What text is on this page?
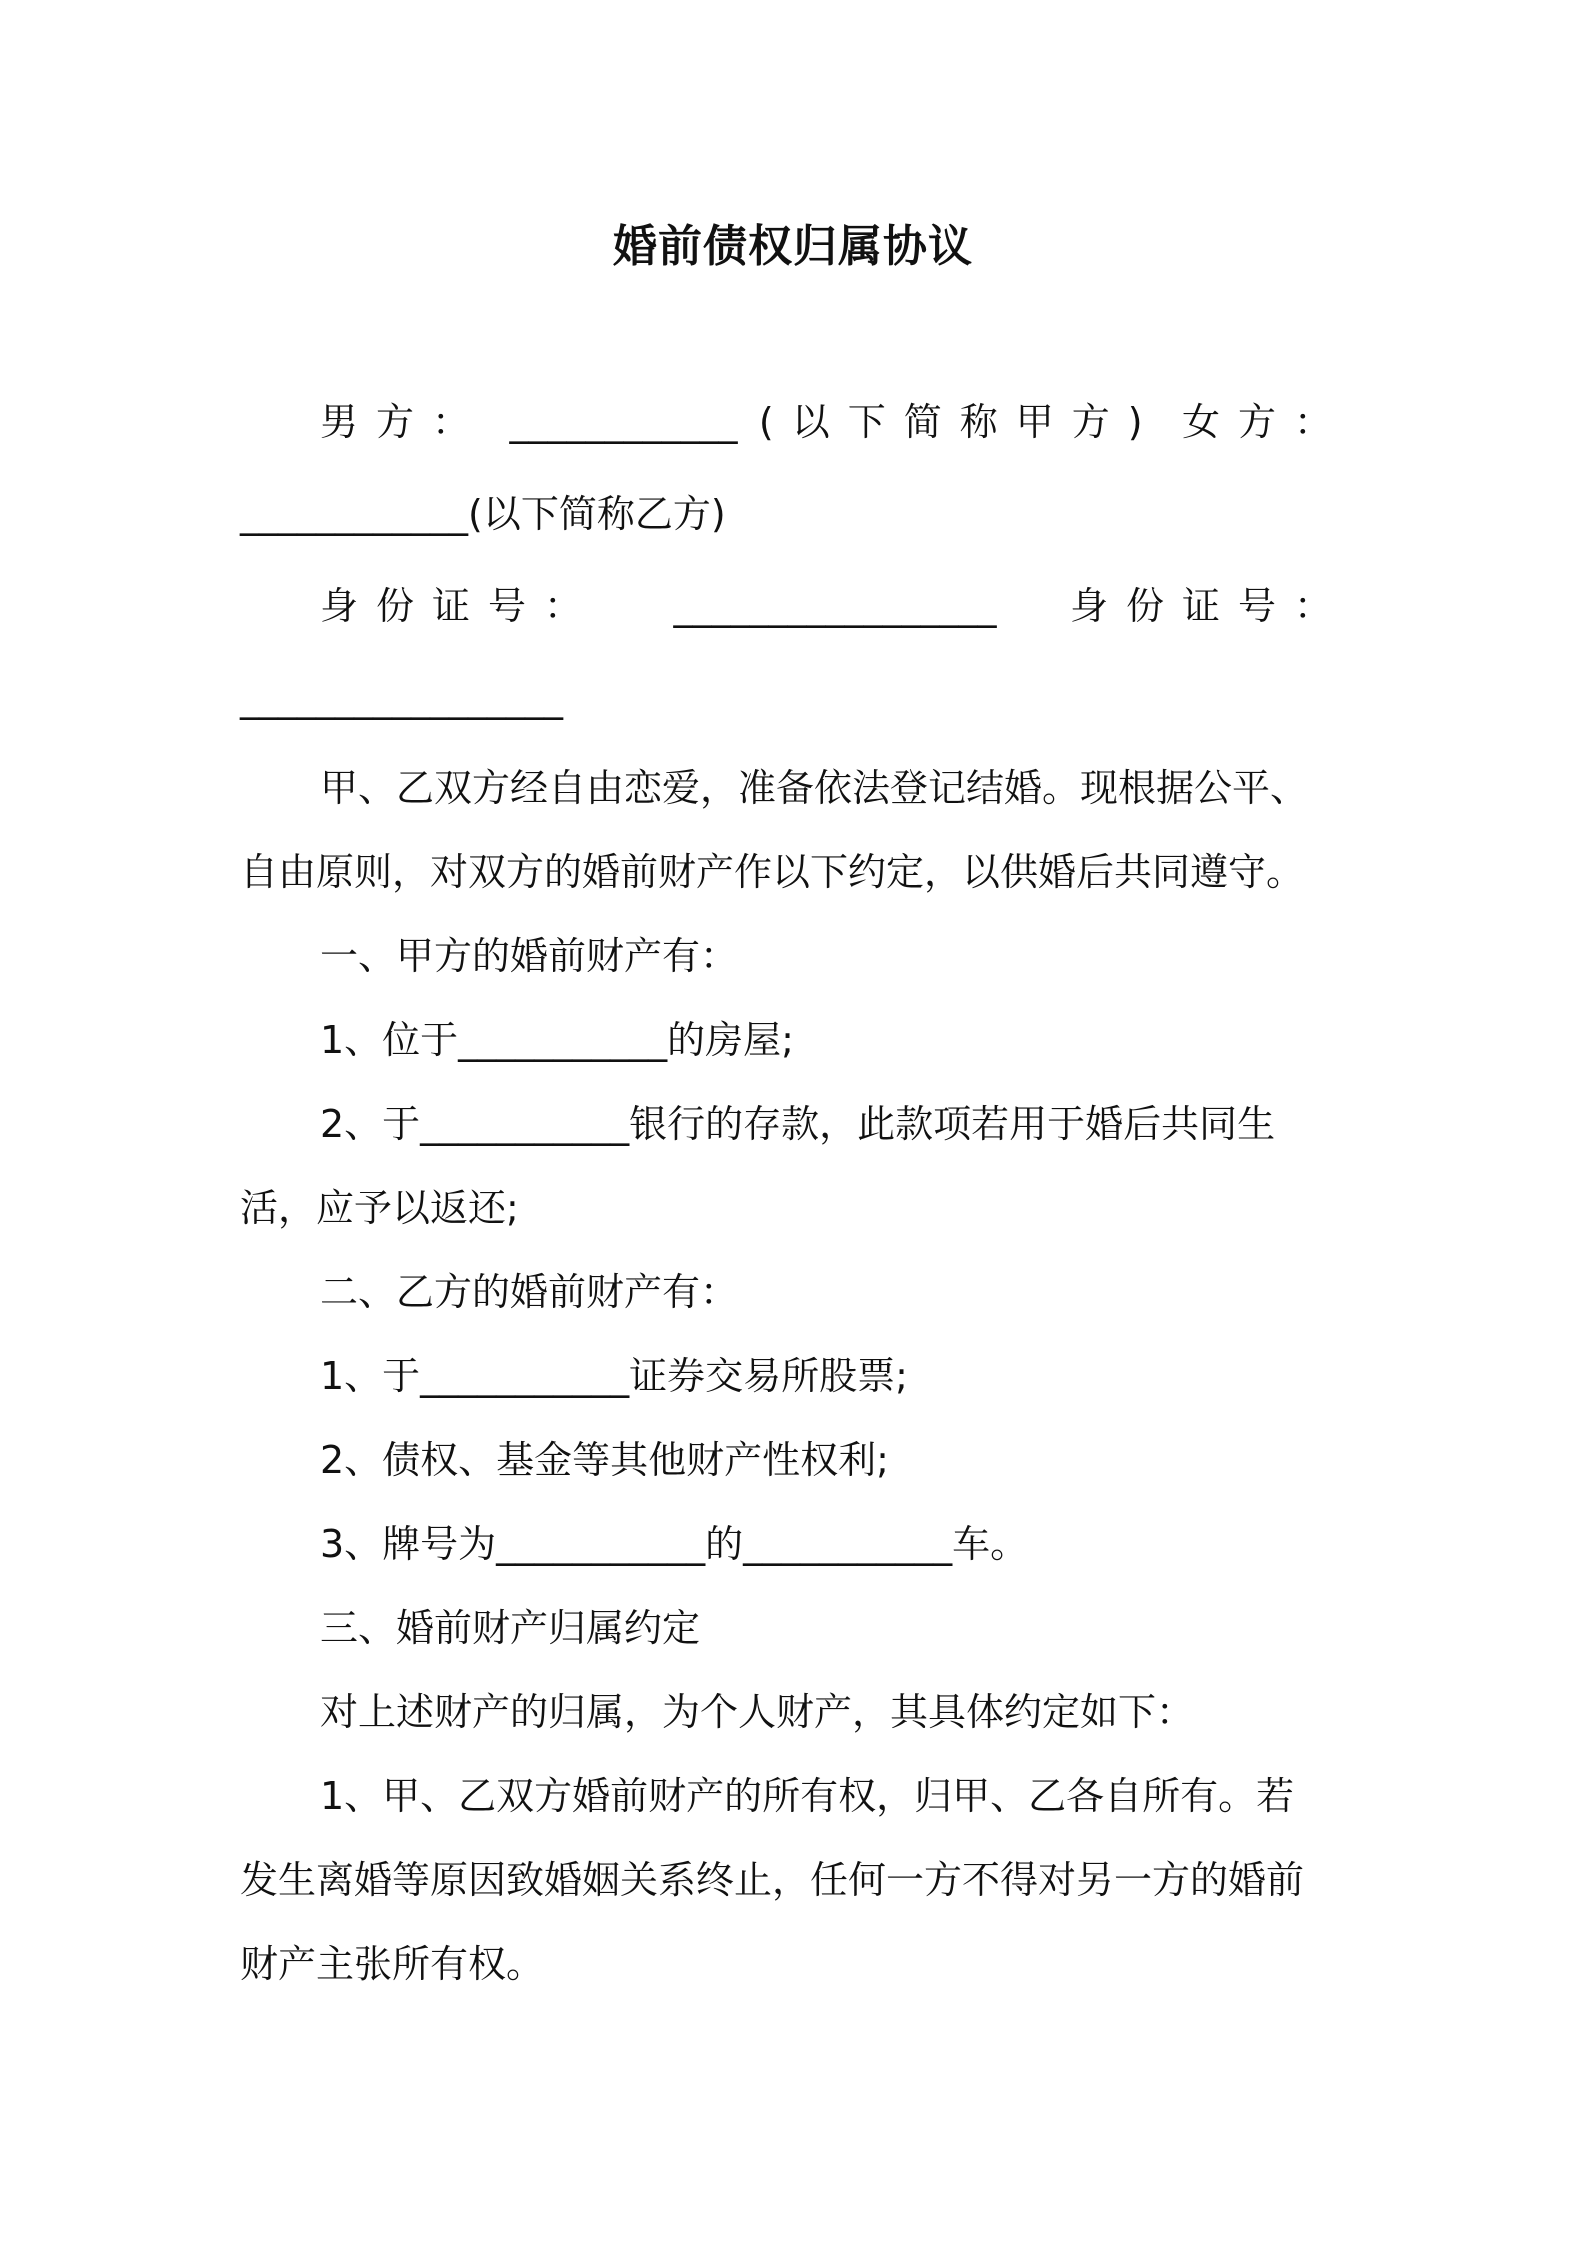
婚前债权归属协议
男方： ____________ (以下简称甲方) 女方：
____________(以下简称乙方)
身份证号： _________________ 身份证号：
_________________
甲、乙双方经自由恋爱，准备依法登记结婚。现根据公平、
自由原则，对双方的婚前财产作以下约定，以供婚后共同遵守。
一、甲方的婚前财产有：
1、位于___________的房屋;
2、于___________银行的存款，此款项若用于婚后共同生
活，应予以返还;
二、乙方的婚前财产有：
1、于___________证券交易所股票;
2、债权、基金等其他财产性权利;
3、牌号为___________的___________车。
三、婚前财产归属约定
对上述财产的归属，为个人财产，其具体约定如下：
1、甲、乙双方婚前财产的所有权，归甲、乙各自所有。若
发生离婚等原因致婚姻关系终止，任何一方不得对另一方的婚前
财产主张所有权。
